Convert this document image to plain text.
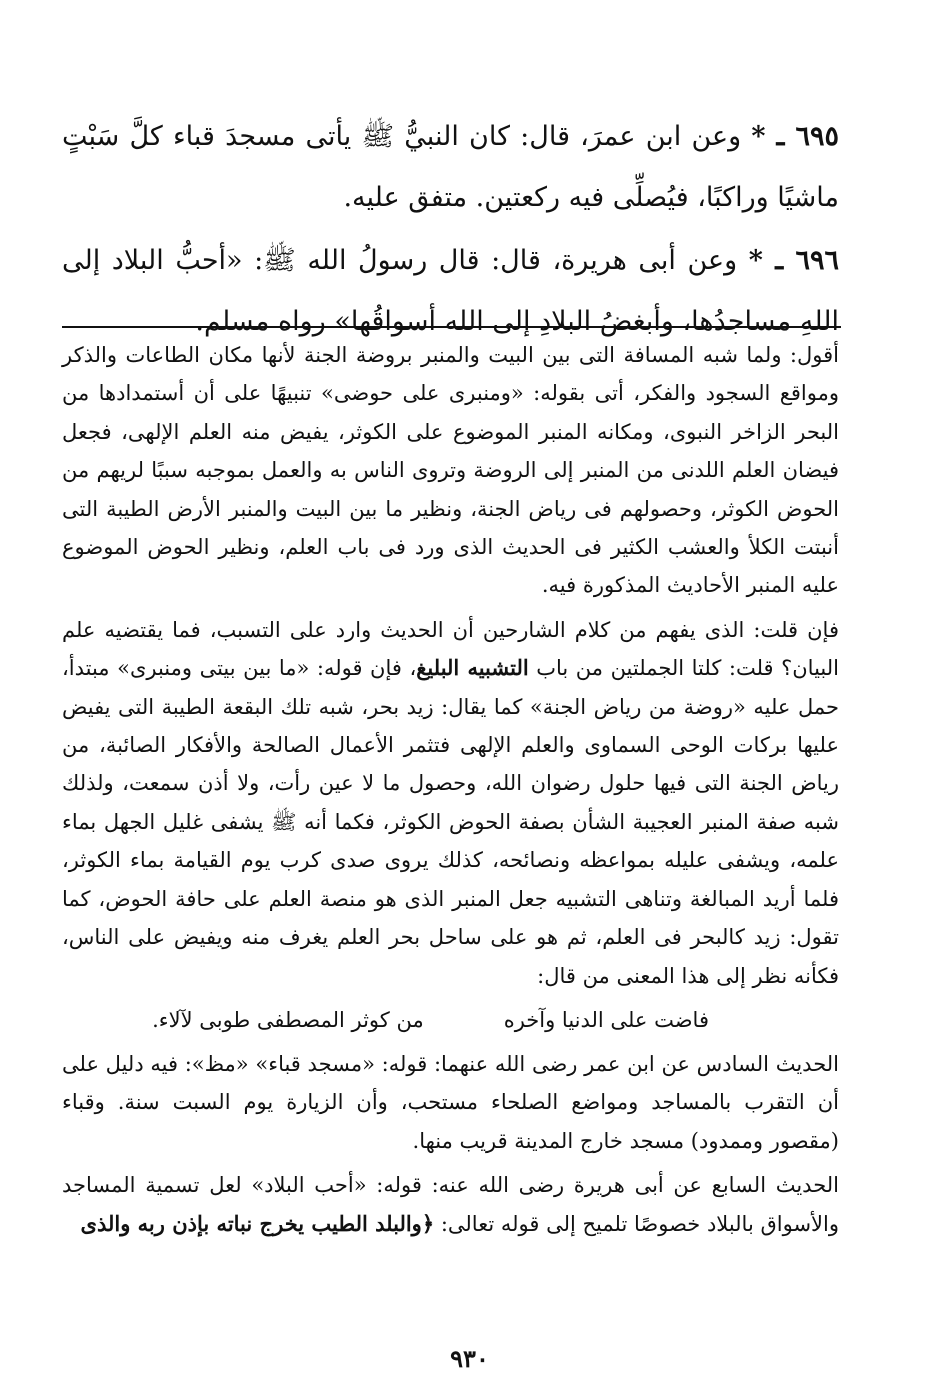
٦٩٥ ـ * وعن ابن عمرَ، قال: كان النبيُّ ﷺ يأتى مسجدَ قباء كلَّ سَبْتٍ ماشيًا وراكبًا، فيُصلِّى فيه ركعتين. متفق عليه.

٦٩٦ ـ * وعن أبى هريرة، قال: قال رسولُ الله ﷺ: «أحبُّ البلاد إلى اللهِ مساجدُها، وأبغضُ البلادِ إلى الله أسواقُها» رواه مسلم.

أقول: ولما شبه المسافة التى بين البيت والمنبر بروضة الجنة لأنها مكان الطاعات والذكر ومواقع السجود والفكر، أتى بقوله: «ومنبرى على حوضى» تنبيهًا على أن أستمدادها من البحر الزاخر النبوى، ومكانه المنبر الموضوع على الكوثر، يفيض منه العلم الإلهى، فجعل فيضان العلم اللدنى من المنبر إلى الروضة وتروى الناس به والعمل بموجبه سببًا لريهم من الحوض الكوثر، وحصولهم فى رياض الجنة، ونظير ما بين البيت والمنبر الأرض الطيبة التى أنبتت الكلأ والعشب الكثير فى الحديث الذى ورد فى باب العلم، ونظير الحوض الموضوع عليه المنبر الأحاديث المذكورة فيه.

فإن قلت: الذى يفهم من كلام الشارحين أن الحديث وارد على التسبب، فما يقتضيه علم البيان؟ قلت: كلتا الجملتين من باب التشبيه البليغ، فإن قوله: «ما بين بيتى ومنبرى» مبتدأ، حمل عليه «روضة من رياض الجنة» كما يقال: زيد بحر، شبه تلك البقعة الطيبة التى يفيض عليها بركات الوحى السماوى والعلم الإلهى فتثمر الأعمال الصالحة والأفكار الصائبة، من رياض الجنة التى فيها حلول رضوان الله، وحصول ما لا عين رأت، ولا أذن سمعت، ولذلك شبه صفة المنبر العجيبة الشأن بصفة الحوض الكوثر، فكما أنه ﷺ يشفى غليل الجهل بماء علمه، ويشفى عليله بمواعظه ونصائحه، كذلك يروى صدى كرب يوم القيامة بماء الكوثر، فلما أريد المبالغة وتناهى التشبيه جعل المنبر الذى هو منصة العلم على حافة الحوض، كما تقول: زيد كالبحر فى العلم، ثم هو على ساحل بحر العلم يغرف منه ويفيض على الناس، فكأنه نظر إلى هذا المعنى من قال:

فاضت على الدنيا وآخره
من كوثر المصطفى طوبى لآلاء.

الحديث السادس عن ابن عمر رضى الله عنهما: قوله: «مسجد قباء» «مظ»: فيه دليل على أن التقرب بالمساجد ومواضع الصلحاء مستحب، وأن الزيارة يوم السبت سنة. وقباء (مقصور وممدود) مسجد خارج المدينة قريب منها.

الحديث السابع عن أبى هريرة رضى الله عنه: قوله: «أحب البلاد» لعل تسمية المساجد والأسواق بالبلاد خصوصًا تلميح إلى قوله تعالى: ﴿والبلد الطيب يخرج نباته بإذن ربه والذى

٩٣٠
